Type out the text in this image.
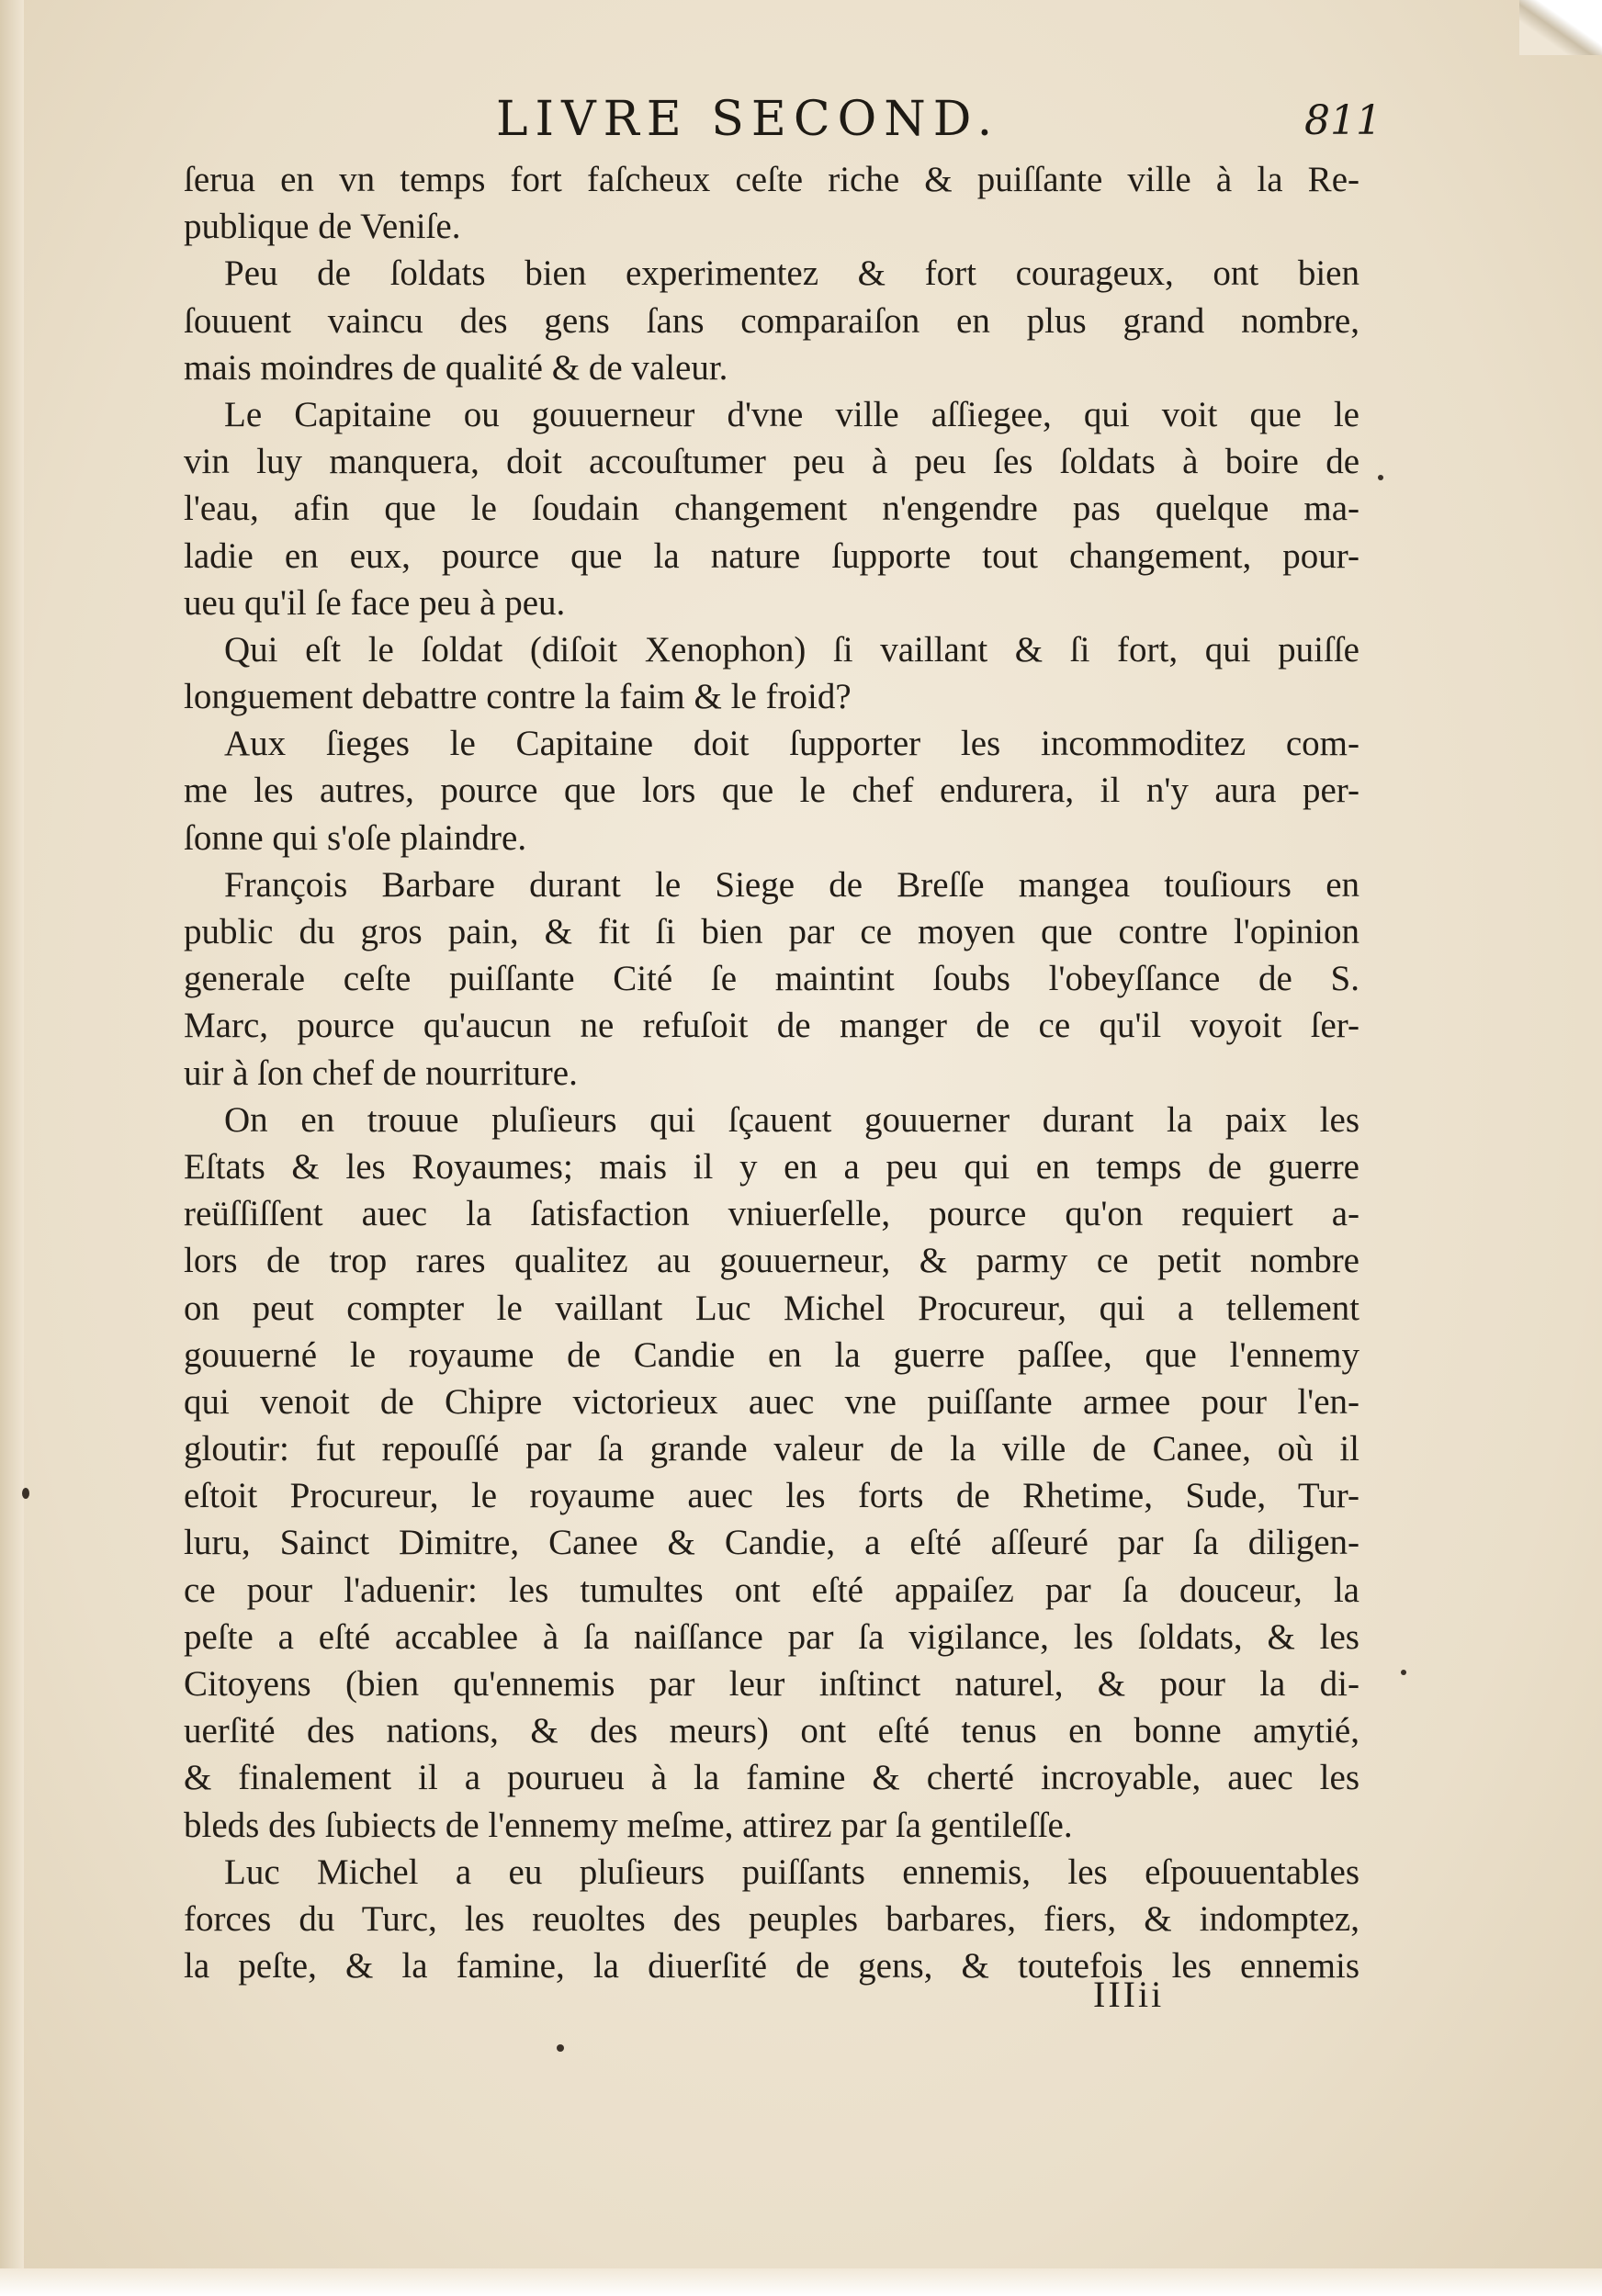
LIVRE SECOND.	811
ſerua en vn temps fort faſcheux ceſte riche & puiſſante ville à la Re-
publique de Veniſe.
Peu de ſoldats bien experimentez & fort courageux, ont bien
ſouuent vaincu des gens ſans comparaiſon en plus grand nombre,
mais moindres de qualité & de valeur.
Le Capitaine ou gouuerneur d'vne ville aſſiegee, qui voit que le
vin luy manquera, doit accouſtumer peu à peu ſes ſoldats à boire de
l'eau, afin que le ſoudain changement n'engendre pas quelque ma-
ladie en eux, pource que la nature ſupporte tout changement, pour-
ueu qu'il ſe face peu à peu.
Qui eſt le ſoldat (diſoit Xenophon) ſi vaillant & ſi fort, qui puiſſe
longuement debattre contre la faim & le froid?
Aux ſieges le Capitaine doit ſupporter les incommoditez com-
me les autres, pource que lors que le chef endurera, il n'y aura per-
ſonne qui s'oſe plaindre.
François Barbare durant le Siege de Breſſe mangea touſiours en
public du gros pain, & fit ſi bien par ce moyen que contre l'opinion
generale ceſte puiſſante Cité ſe maintint ſoubs l'obeyſſance de S.
Marc, pource qu'aucun ne refuſoit de manger de ce qu'il voyoit ſer-
uir à ſon chef de nourriture.
On en trouue pluſieurs qui ſçauent gouuerner durant la paix les
Eſtats & les Royaumes; mais il y en a peu qui en temps de guerre
reüſſiſſent auec la ſatisfaction vniuerſelle, pource qu'on requiert a-
lors de trop rares qualitez au gouuerneur, & parmy ce petit nombre
on peut compter le vaillant Luc Michel Procureur, qui a tellement
gouuerné le royaume de Candie en la guerre paſſee, que l'ennemy
qui venoit de Chipre victorieux auec vne puiſſante armee pour l'en-
gloutir: fut repouſſé par ſa grande valeur de la ville de Canee, où il
eſtoit Procureur, le royaume auec les forts de Rhetime, Sude, Tur-
luru, Sainct Dimitre, Canee & Candie, a eſté aſſeuré par ſa diligen-
ce pour l'aduenir: les tumultes ont eſté appaiſez par ſa douceur, la
peſte a eſté accablee à ſa naiſſance par ſa vigilance, les ſoldats, & les
Citoyens (bien qu'ennemis par leur inſtinct naturel, & pour la di-
uerſité des nations, & des meurs) ont eſté tenus en bonne amytié,
& finalement il a pourueu à la famine & cherté incroyable, auec les
bleds des ſubiects de l'ennemy meſme, attirez par ſa gentileſſe.
Luc Michel a eu pluſieurs puiſſants ennemis, les eſpouuentables
forces du Turc, les reuoltes des peuples barbares, fiers, & indomptez,
la peſte, & la famine, la diuerſité de gens, & toutefois les ennemis
IIIii
